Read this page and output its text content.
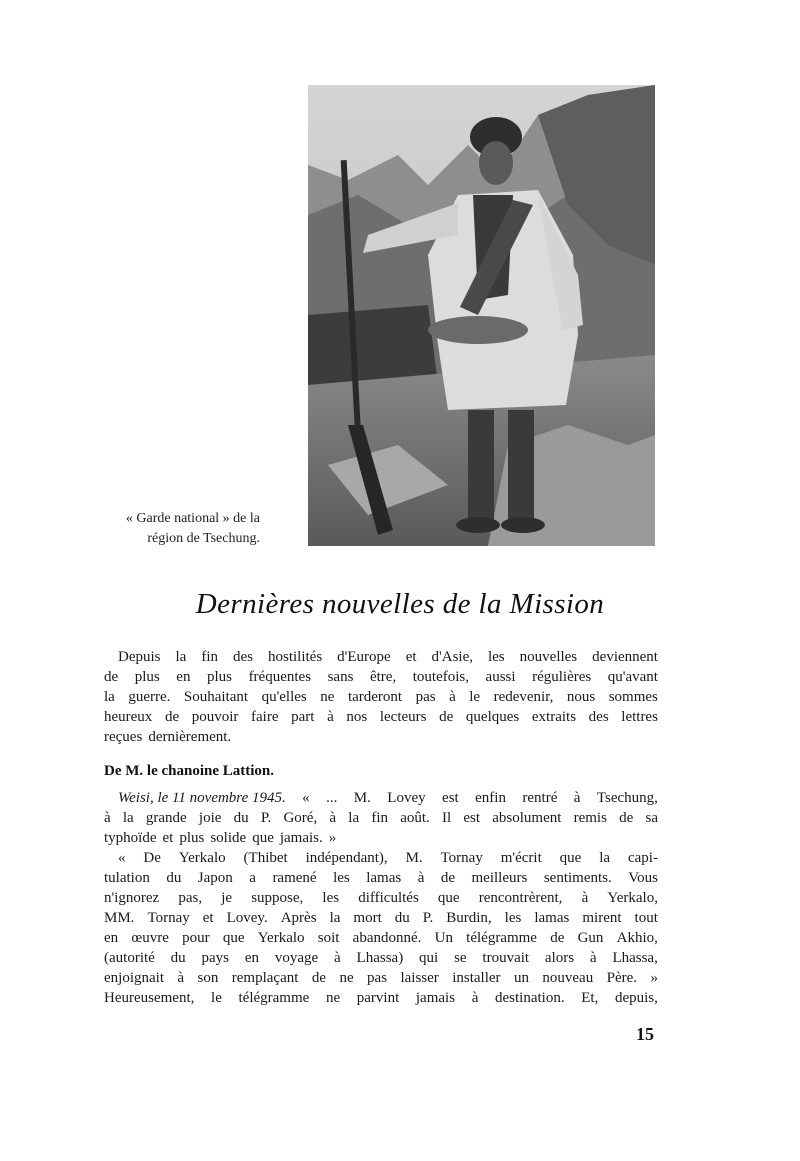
« Garde national » de la
région de Tsechung.
Dernières nouvelles de la Mission
Depuis la fin des hostilités d'Europe et d'Asie, les nouvelles deviennent
de plus en plus fréquentes sans être, toutefois, aussi régulières qu'avant
la guerre. Souhaitant qu'elles ne tarderont pas à le redevenir, nous sommes
heureux de pouvoir faire part à nos lecteurs de quelques extraits des lettres
reçues dernièrement.
De M. le chanoine Lattion.
Weisi, le 11 novembre 1945. « ... M. Lovey est enfin rentré à Tsechung,
à la grande joie du P. Goré, à la fin août. Il est absolument remis de sa
typhoïde et plus solide que jamais. »
« De Yerkalo (Thibet indépendant), M. Tornay m'écrit que la capi-
tulation du Japon a ramené les lamas à de meilleurs sentiments. Vous
n'ignorez pas, je suppose, les difficultés que rencontrèrent, à Yerkalo,
MM. Tornay et Lovey. Après la mort du P. Burdin, les lamas mirent tout
en œuvre pour que Yerkalo soit abandonné. Un télégramme de Gun Akhio,
(autorité du pays en voyage à Lhassa) qui se trouvait alors à Lhassa,
enjoignait à son remplaçant de ne pas laisser installer un nouveau Père. »
Heureusement, le télégramme ne parvint jamais à destination. Et, depuis,
15
